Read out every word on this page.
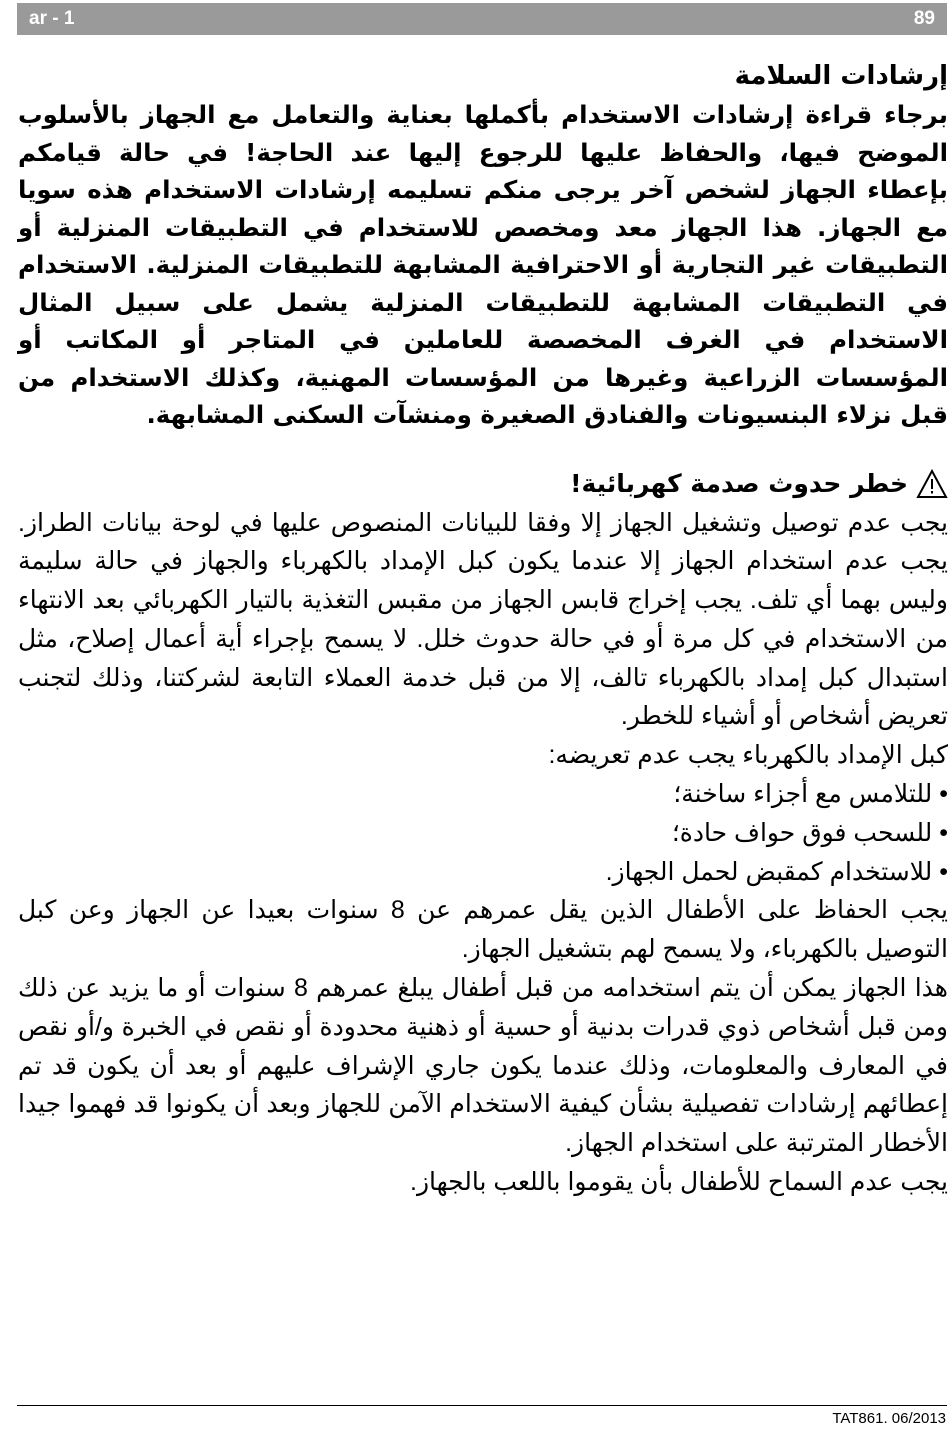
ar - 1	89
إرشادات السلامة

برجاء قراءة إرشادات الاستخدام بأكملها بعناية والتعامل مع الجهاز بالأسلوب الموضح فيها، والحفاظ عليها للرجوع إليها عند الحاجة! في حالة قيامكم بإعطاء الجهاز لشخص آخر يرجى منكم تسليمه إرشادات الاستخدام هذه سويا مع الجهاز. هذا الجهاز معد ومخصص للاستخدام في التطبيقات المنزلية أو التطبيقات غير التجارية أو الاحترافية المشابهة للتطبيقات المنزلية. الاستخدام في التطبيقات المشابهة للتطبيقات المنزلية يشمل على سبيل المثال الاستخدام في الغرف المخصصة للعاملين في المتاجر أو المكاتب أو المؤسسات الزراعية وغيرها من المؤسسات المهنية، وكذلك الاستخدام من قبل نزلاء البنسيونات والفنادق الصغيرة ومنشآت السكنى المشابهة.

خطر حدوث صدمة كهربائية!

يجب عدم توصيل وتشغيل الجهاز إلا وفقا للبيانات المنصوص عليها في لوحة بيانات الطراز. يجب عدم استخدام الجهاز إلا عندما يكون كبل الإمداد بالكهرباء والجهاز في حالة سليمة وليس بهما أي تلف. يجب إخراج قابس الجهاز من مقبس التغذية بالتيار الكهربائي بعد الانتهاء من الاستخدام في كل مرة أو في حالة حدوث خلل. لا يسمح بإجراء أية أعمال إصلاح، مثل استبدال كبل إمداد بالكهرباء تالف، إلا من قبل خدمة العملاء التابعة لشركتنا، وذلك لتجنب تعريض أشخاص أو أشياء للخطر.

كبل الإمداد بالكهرباء يجب عدم تعريضه:
• للتلامس مع أجزاء ساخنة؛
• للسحب فوق حواف حادة؛
• للاستخدام كمقبض لحمل الجهاز.

يجب الحفاظ على الأطفال الذين يقل عمرهم عن 8 سنوات بعيدا عن الجهاز وعن كبل التوصيل بالكهرباء، ولا يسمح لهم بتشغيل الجهاز.

هذا الجهاز يمكن أن يتم استخدامه من قبل أطفال يبلغ عمرهم 8 سنوات أو ما يزيد عن ذلك ومن قبل أشخاص ذوي قدرات بدنية أو حسية أو ذهنية محدودة أو نقص في الخبرة و/أو نقص في المعارف والمعلومات، وذلك عندما يكون جاري الإشراف عليهم أو بعد أن يكون قد تم إعطائهم إرشادات تفصيلية بشأن كيفية الاستخدام الآمن للجهاز وبعد أن يكونوا قد فهموا جيدا الأخطار المترتبة على استخدام الجهاز.

يجب عدم السماح للأطفال بأن يقوموا باللعب بالجهاز.

TAT861. 06/2013
